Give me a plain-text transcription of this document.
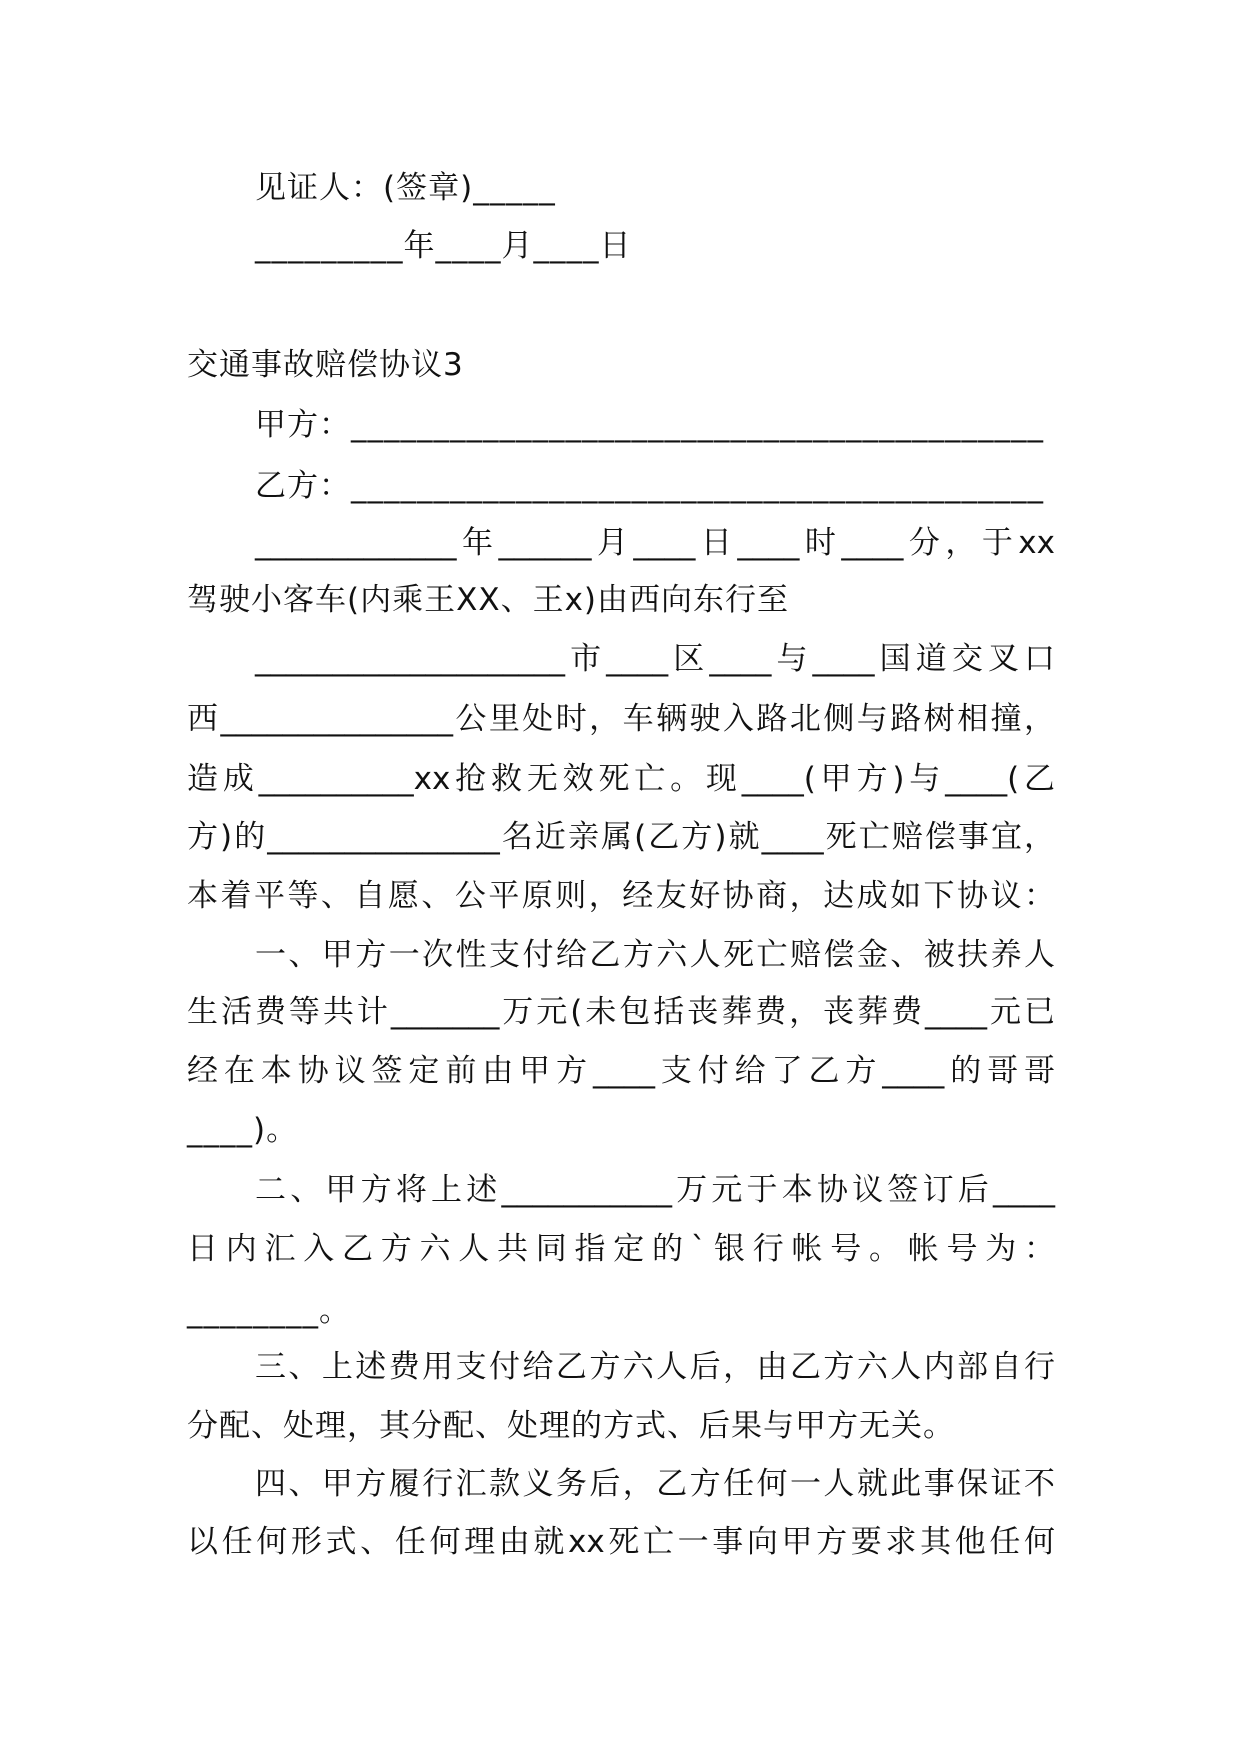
见证人：(签章)_____
_________年____月____日
交通事故赔偿协议3
甲方：__________________________________________
乙方：__________________________________________
_____________年______月____日____时____分，于xx
驾驶小客车(内乘王XX、王x)由西向东行至
____________________市____区____与____国道交叉口
西_______________公里处时，车辆驶入路北侧与路树相撞，
造成__________xx抢救无效死亡。现____(甲方)与____(乙
方)的_______________名近亲属(乙方)就____死亡赔偿事宜，
本着平等、自愿、公平原则，经友好协商，达成如下协议：
一、甲方一次性支付给乙方六人死亡赔偿金、被扶养人
生活费等共计_______万元(未包括丧葬费，丧葬费____元已
经在本协议签定前由甲方____支付给了乙方____的哥哥
____)。
二、甲方将上述___________万元于本协议签订后____
日内汇入乙方六人共同指定的`银行帐号。帐号为：
________。
三、上述费用支付给乙方六人后，由乙方六人内部自行
分配、处理，其分配、处理的方式、后果与甲方无关。
四、甲方履行汇款义务后，乙方任何一人就此事保证不
以任何形式、任何理由就xx死亡一事向甲方要求其他任何
